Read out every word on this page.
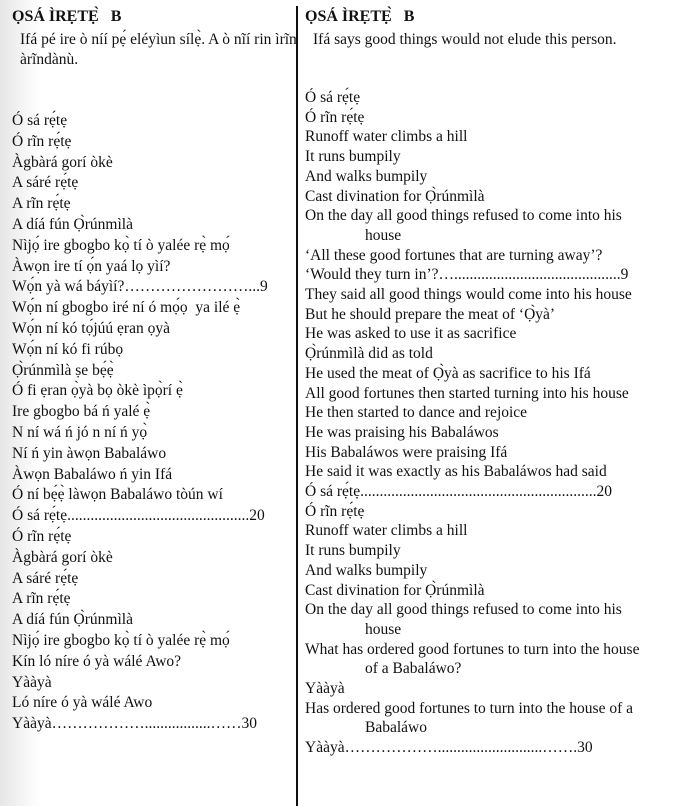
ỌSÁ ÌRẸTẸ̀   B
Ifá pé ire ò níí pẹ́ eléyìun sílẹ̀. A ò nĩí rin ìrĩn àrĩndànù.
Ó sá rẹ́tẹ
Ó rĩn rẹ́tẹ
Àgbàrá gorí òkè
A sáré rẹ́tẹ
A rĩn rẹ́tẹ
A díá fún Ọ̀rúnmìlà
Nìjọ́ ire gbogbo kọ̀ tí ò yalée rẹ̀ mọ́
Àwọn ire tí ọ́n yaá lọ yìí?
Wọ́n yà wá báyìí?……………………...9
Wọ́n ní gbogbo iré ní ó mọ́ọ  ya ilé ẹ̀
Wọ́n ní kó tọ́júú ẹran ọyà
Wọ́n ní kó fi rúbọ
Ọ̀rúnmìlà ṣe bẹ́ẹ̀
Ó fi ẹran ọ̀yà bọ òkè ìpọ̀rí ẹ̀
Ire gbogbo bá ń yalé ẹ̀
N ní wá ń jó n ní ń yọ̀
Ní ń yin àwọn Babaláwo
Àwọn Babaláwo ń yin Ifá
Ó ní bẹ́ẹ̀ làwọn Babaláwo tòún wí
Ó sá rẹ́tẹ...............................................20
Ó rĩn rẹ́tẹ
Àgbàrá gorí òkè
A sáré rẹ́tẹ
A rĩn rẹ́tẹ
A díá fún Ọ̀rúnmìlà
Nìjọ́ ire gbogbo kọ̀ tí ò yalée rẹ̀ mọ́
Kín ló níre ó yà wálé Awo?
Yààyà
Ló níre ó yà wálé Awo
Yààyà……………….................……30
ỌSÁ ÌRẸTẸ̀   B
Ifá says good things would not elude this person.
Ó sá rẹ́tẹ
Ó rĩn rẹ́tẹ
Runoff water climbs a hill
It runs bumpily
And walks bumpily
Cast divination for Ọ̀rúnmìlà
On the day all good things refused to come into his
house
‘All these good fortunes that are turning away’?
‘Would they turn in’?…...........................................9
They said all good things would come into his house
But he should prepare the meat of ‘Ọ̀yà’
He was asked to use it as sacrifice
Ọ̀rúnmìlà did as told
He used the meat of Ọ̀yà as sacrifice to his Ifá
All good fortunes then started turning into his house
He then started to dance and rejoice
He was praising his Babaláwos
His Babaláwos were praising Ifá
He said it was exactly as his Babaláwos had said
Ó sá rẹ́tẹ.............................................................20
Ó rĩn rẹ́tẹ
Runoff water climbs a hill
It runs bumpily
And walks bumpily
Cast divination for Ọ̀rúnmìlà
On the day all good things refused to come into his
house
What has ordered good fortunes to turn into the house
of a Babaláwo?
Yààyà
Has ordered good fortunes to turn into the house of a
Babaláwo
Yààyà………………...........................…….30
